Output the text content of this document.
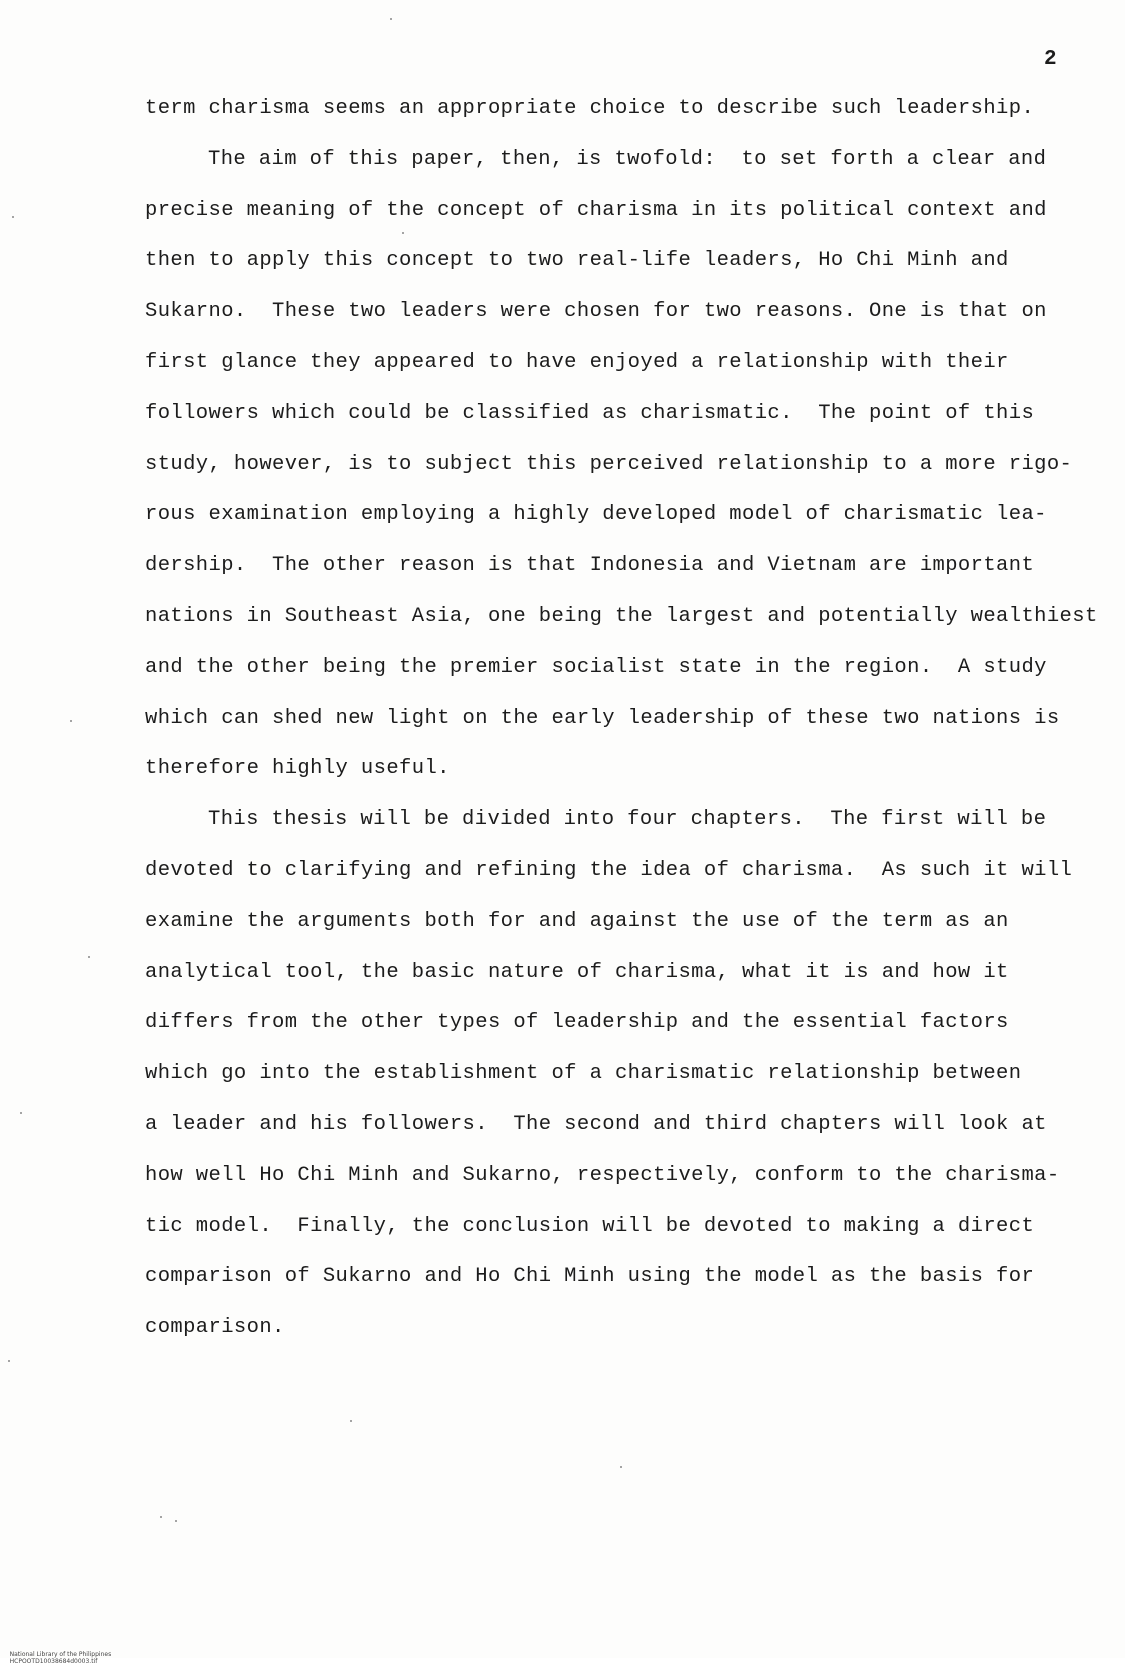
2
term charisma seems an appropriate choice to describe such leadership.
The aim of this paper, then, is twofold:  to set forth a clear and
precise meaning of the concept of charisma in its political context and
then to apply this concept to two real-life leaders, Ho Chi Minh and
Sukarno.  These two leaders were chosen for two reasons. One is that on
first glance they appeared to have enjoyed a relationship with their
followers which could be classified as charismatic.  The point of this
study, however, is to subject this perceived relationship to a more rigo-
rous examination employing a highly developed model of charismatic lea-
dership.  The other reason is that Indonesia and Vietnam are important
nations in Southeast Asia, one being the largest and potentially wealthiest
and the other being the premier socialist state in the region.  A study
which can shed new light on the early leadership of these two nations is
therefore highly useful.
This thesis will be divided into four chapters.  The first will be
devoted to clarifying and refining the idea of charisma.  As such it will
examine the arguments both for and against the use of the term as an
analytical tool, the basic nature of charisma, what it is and how it
differs from the other types of leadership and the essential factors
which go into the establishment of a charismatic relationship between
a leader and his followers.  The second and third chapters will look at
how well Ho Chi Minh and Sukarno, respectively, conform to the charisma-
tic model.  Finally, the conclusion will be devoted to making a direct
comparison of Sukarno and Ho Chi Minh using the model as the basis for
comparison.

National Library of the Philippines
HCPOOTD10038684d0003.tif
